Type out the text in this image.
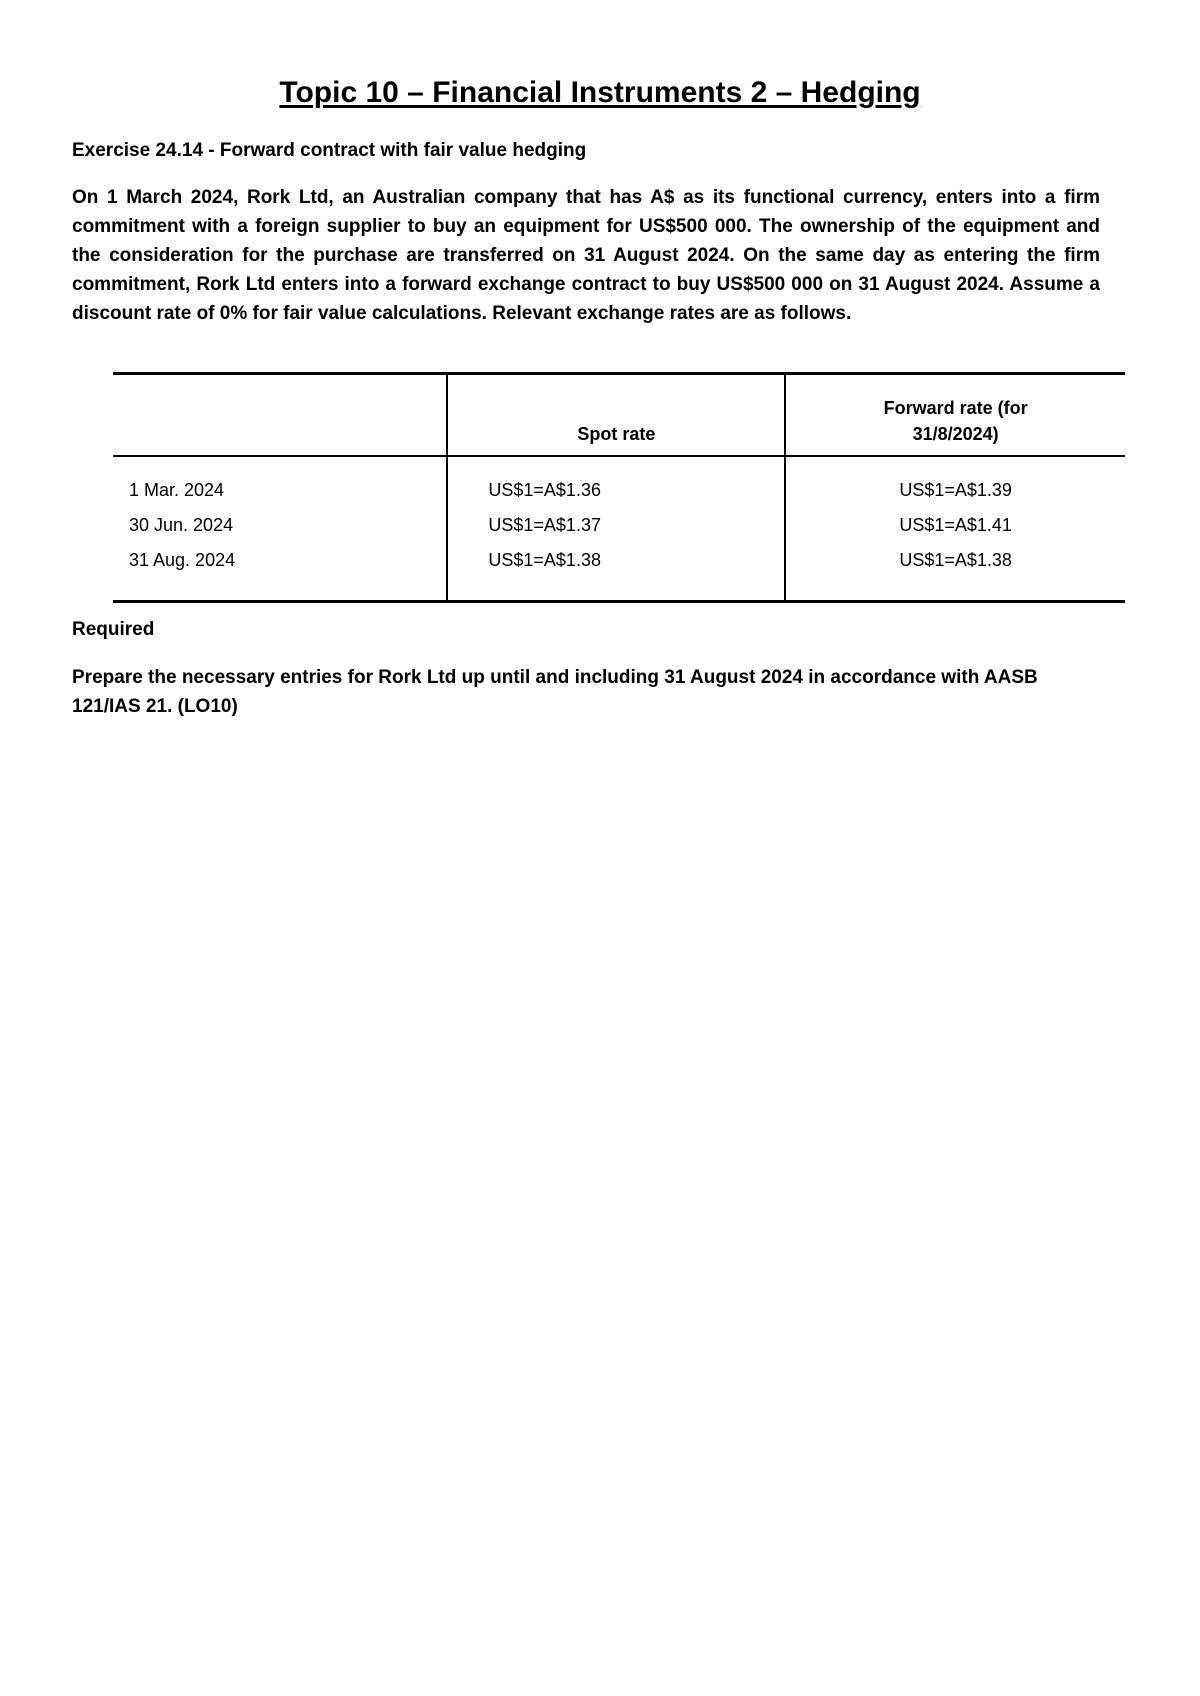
Topic 10 – Financial Instruments 2 – Hedging
Exercise 24.14 - Forward contract with fair value hedging
On 1 March 2024, Rork Ltd, an Australian company that has A$ as its functional currency, enters into a firm commitment with a foreign supplier to buy an equipment for US$500 000. The ownership of the equipment and the consideration for the purchase are transferred on 31 August 2024. On the same day as entering the firm commitment, Rork Ltd enters into a forward exchange contract to buy US$500 000 on 31 August 2024. Assume a discount rate of 0% for fair value calculations. Relevant exchange rates are as follows.
	Spot rate	Forward rate (for
31/8/2024)
1 Mar. 2024	US$1=A$1.36	US$1=A$1.39
30 Jun. 2024	US$1=A$1.37	US$1=A$1.41
31 Aug. 2024	US$1=A$1.38	US$1=A$1.38
Required
Prepare the necessary entries for Rork Ltd up until and including 31 August 2024 in accordance with AASB 121/IAS 21. (LO10)
